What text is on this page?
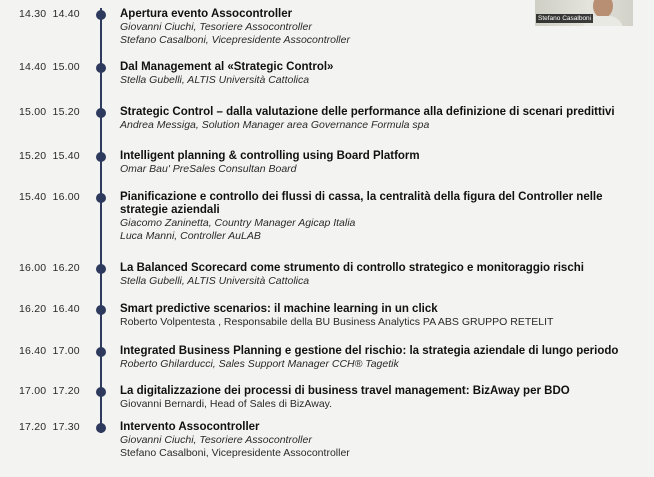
14.30 14.40	Apertura evento Assocontroller
Giovanni Ciuchi, Tesoriere Assocontroller
Stefano Casalboni, Vicepresidente Assocontroller
14.40 15.00	Dal Management al «Strategic Control»
Stella Gubelli, ALTIS Università Cattolica
15.00 15.20	Strategic Control – dalla valutazione delle performance alla definizione di scenari predittivi
Andrea Messiga, Solution Manager area Governance Formula spa
15.20 15.40	Intelligent planning & controlling using Board Platform
Omar Bau' PreSales Consultan Board
15.40 16.00	Pianificazione e controllo dei flussi di cassa, la centralità della figura del Controller nelle
strategie aziendali
Giacomo Zaninetta, Country Manager Agicap Italia
Luca Manni, Controller AuLAB
16.00 16.20	La Balanced Scorecard come strumento di controllo strategico e monitoraggio rischi
Stella Gubelli, ALTIS Università Cattolica
16.20 16.40	Smart predictive scenarios: il machine learning in un click
Roberto Volpentesta , Responsabile della BU Business Analytics PA ABS GRUPPO RETELIT
16.40 17.00	Integrated Business Planning e gestione del rischio: la strategia aziendale di lungo periodo
Roberto Ghilarducci, Sales Support Manager CCH® Tagetik
17.00 17.20	La digitalizzazione dei processi di business travel management: BizAway per BDO
Giovanni Bernardi, Head of Sales di BizAway.
17.20 17.30	Intervento Assocontroller
Giovanni Ciuchi, Tesoriere Assocontroller
Stefano Casalboni, Vicepresidente Assocontroller
Stefano Casalboni
